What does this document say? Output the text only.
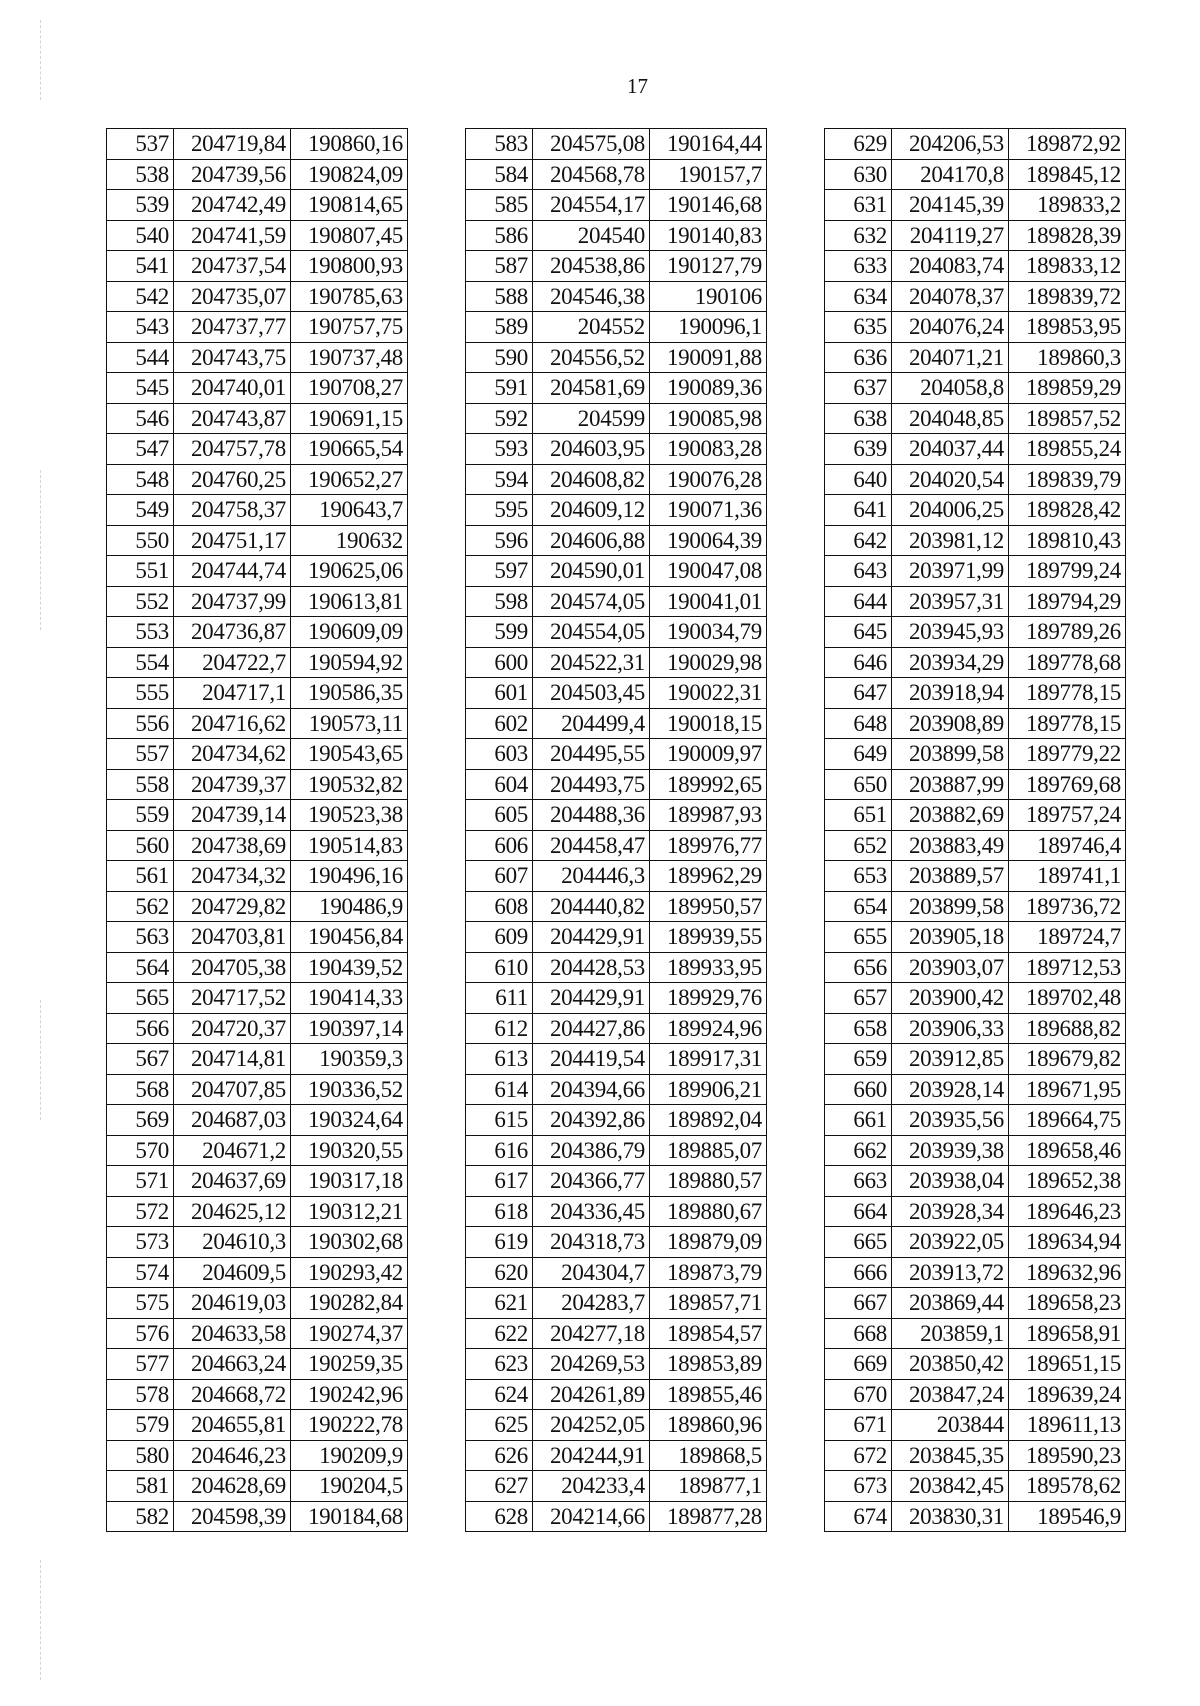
17
537	204719,84	190860,16
538	204739,56	190824,09
539	204742,49	190814,65
540	204741,59	190807,45
541	204737,54	190800,93
542	204735,07	190785,63
543	204737,77	190757,75
544	204743,75	190737,48
545	204740,01	190708,27
546	204743,87	190691,15
547	204757,78	190665,54
548	204760,25	190652,27
549	204758,37	190643,7
550	204751,17	190632
551	204744,74	190625,06
552	204737,99	190613,81
553	204736,87	190609,09
554	204722,7	190594,92
555	204717,1	190586,35
556	204716,62	190573,11
557	204734,62	190543,65
558	204739,37	190532,82
559	204739,14	190523,38
560	204738,69	190514,83
561	204734,32	190496,16
562	204729,82	190486,9
563	204703,81	190456,84
564	204705,38	190439,52
565	204717,52	190414,33
566	204720,37	190397,14
567	204714,81	190359,3
568	204707,85	190336,52
569	204687,03	190324,64
570	204671,2	190320,55
571	204637,69	190317,18
572	204625,12	190312,21
573	204610,3	190302,68
574	204609,5	190293,42
575	204619,03	190282,84
576	204633,58	190274,37
577	204663,24	190259,35
578	204668,72	190242,96
579	204655,81	190222,78
580	204646,23	190209,9
581	204628,69	190204,5
582	204598,39	190184,68
583	204575,08	190164,44
584	204568,78	190157,7
585	204554,17	190146,68
586	204540	190140,83
587	204538,86	190127,79
588	204546,38	190106
589	204552	190096,1
590	204556,52	190091,88
591	204581,69	190089,36
592	204599	190085,98
593	204603,95	190083,28
594	204608,82	190076,28
595	204609,12	190071,36
596	204606,88	190064,39
597	204590,01	190047,08
598	204574,05	190041,01
599	204554,05	190034,79
600	204522,31	190029,98
601	204503,45	190022,31
602	204499,4	190018,15
603	204495,55	190009,97
604	204493,75	189992,65
605	204488,36	189987,93
606	204458,47	189976,77
607	204446,3	189962,29
608	204440,82	189950,57
609	204429,91	189939,55
610	204428,53	189933,95
611	204429,91	189929,76
612	204427,86	189924,96
613	204419,54	189917,31
614	204394,66	189906,21
615	204392,86	189892,04
616	204386,79	189885,07
617	204366,77	189880,57
618	204336,45	189880,67
619	204318,73	189879,09
620	204304,7	189873,79
621	204283,7	189857,71
622	204277,18	189854,57
623	204269,53	189853,89
624	204261,89	189855,46
625	204252,05	189860,96
626	204244,91	189868,5
627	204233,4	189877,1
628	204214,66	189877,28
629	204206,53	189872,92
630	204170,8	189845,12
631	204145,39	189833,2
632	204119,27	189828,39
633	204083,74	189833,12
634	204078,37	189839,72
635	204076,24	189853,95
636	204071,21	189860,3
637	204058,8	189859,29
638	204048,85	189857,52
639	204037,44	189855,24
640	204020,54	189839,79
641	204006,25	189828,42
642	203981,12	189810,43
643	203971,99	189799,24
644	203957,31	189794,29
645	203945,93	189789,26
646	203934,29	189778,68
647	203918,94	189778,15
648	203908,89	189778,15
649	203899,58	189779,22
650	203887,99	189769,68
651	203882,69	189757,24
652	203883,49	189746,4
653	203889,57	189741,1
654	203899,58	189736,72
655	203905,18	189724,7
656	203903,07	189712,53
657	203900,42	189702,48
658	203906,33	189688,82
659	203912,85	189679,82
660	203928,14	189671,95
661	203935,56	189664,75
662	203939,38	189658,46
663	203938,04	189652,38
664	203928,34	189646,23
665	203922,05	189634,94
666	203913,72	189632,96
667	203869,44	189658,23
668	203859,1	189658,91
669	203850,42	189651,15
670	203847,24	189639,24
671	203844	189611,13
672	203845,35	189590,23
673	203842,45	189578,62
674	203830,31	189546,9
